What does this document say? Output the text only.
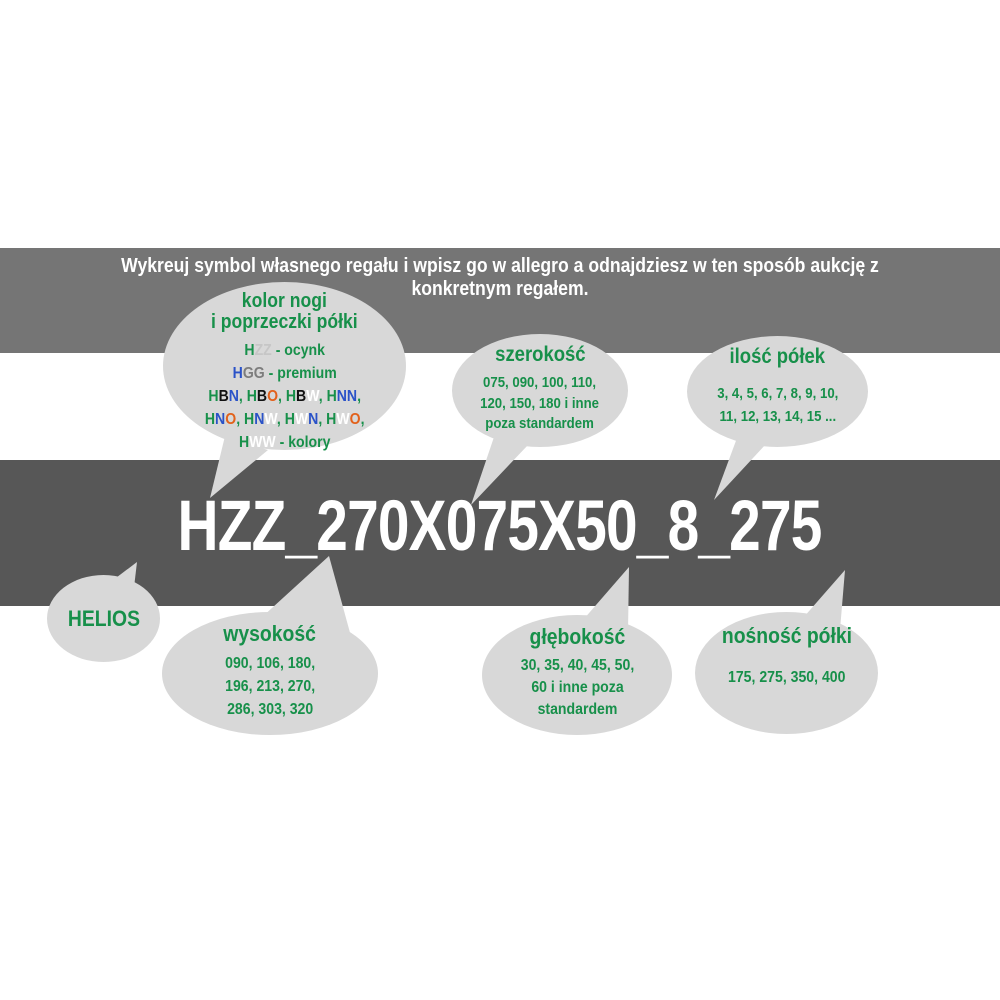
Wykreuj symbol własnego regału i wpisz go w allegro a odnajdziesz w ten sposób aukcję z
konkretnym regałem.
HZZ_270X075X50_8_275
kolor nogi
i poprzeczki półki
HZZ - ocynk
HGG - premium
HBN, HBO, HBW, HNN,
HNO, HNW, HWN, HWO,
HWW - kolory
szerokość
075, 090, 100, 110,
120, 150, 180 i inne
poza standardem
ilość półek
3, 4, 5, 6, 7, 8, 9, 10,
11, 12, 13, 14, 15 ...
HELIOS
wysokość
090, 106, 180,
196, 213, 270,
286, 303, 320
głębokość
30, 35, 40, 45, 50,
60 i inne poza
standardem
nośność półki
175, 275, 350, 400
